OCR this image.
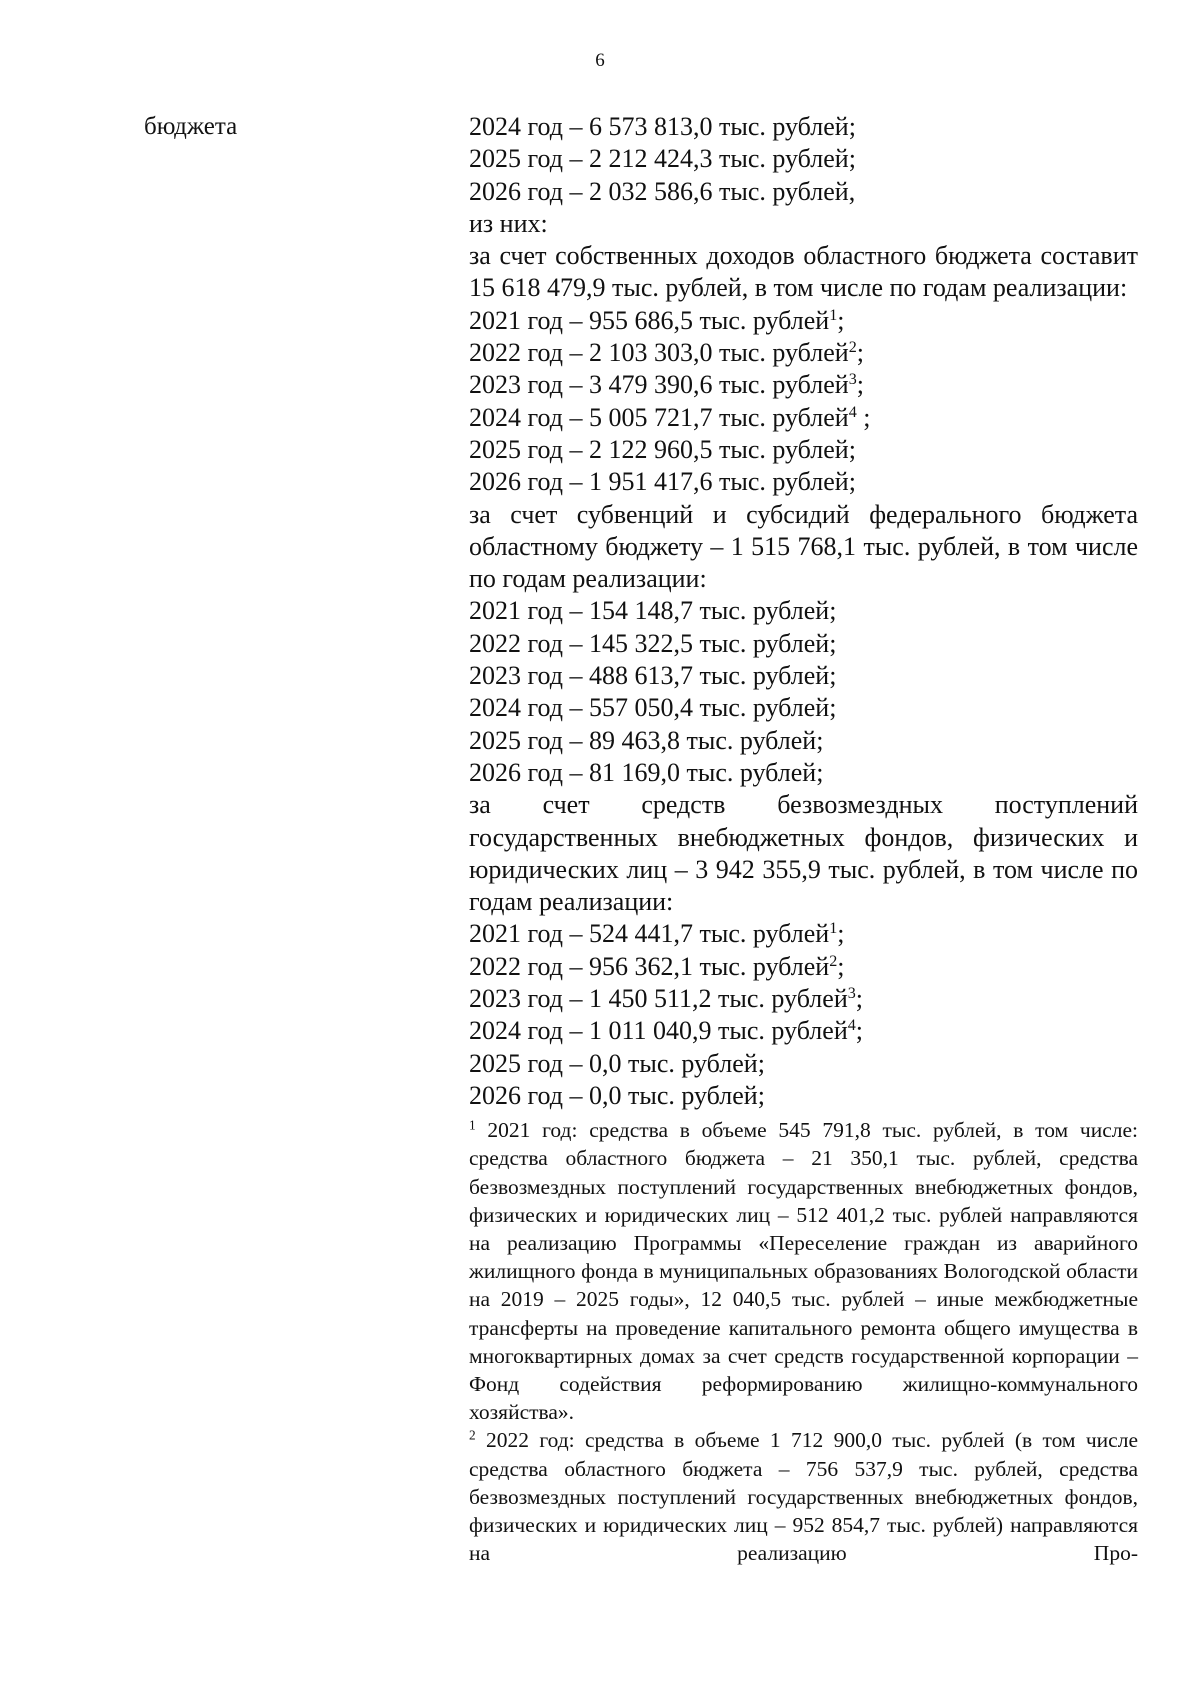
6
бюджета	2024 год – 6 573 813,0 тыс. рублей;
2025 год – 2 212 424,3 тыс. рублей;
2026 год – 2 032 586,6 тыс. рублей,
из них:
за счет собственных доходов областного бюджета составит 15 618 479,9 тыс. рублей, в том числе по годам реализации:
2021 год – 955 686,5 тыс. рублей$^1$;
2022 год – 2 103 303,0 тыс. рублей$^2$;
2023 год – 3 479 390,6 тыс. рублей$^3$;
2024 год – 5 005 721,7 тыс. рублей$^4$ ;
2025 год – 2 122 960,5 тыс. рублей;
2026 год – 1 951 417,6 тыс. рублей;
за счет субвенций и субсидий федерального бюджета областному бюджету – 1 515 768,1 тыс. рублей, в том числе по годам реализации:
2021 год – 154 148,7 тыс. рублей;
2022 год – 145 322,5 тыс. рублей;
2023 год – 488 613,7 тыс. рублей;
2024 год – 557 050,4 тыс. рублей;
2025 год – 89 463,8 тыс. рублей;
2026 год – 81 169,0 тыс. рублей;
за счет средств безвозмездных поступлений государственных внебюджетных фондов, физических и юридических лиц – 3 942 355,9 тыс. рублей, в том числе по годам реализации:
2021 год – 524 441,7 тыс. рублей$^1$;
2022 год – 956 362,1 тыс. рублей$^2$;
2023 год – 1 450 511,2 тыс. рублей$^3$;
2024 год – 1 011 040,9 тыс. рублей$^4$;
2025 год – 0,0 тыс. рублей;
2026 год – 0,0 тыс. рублей;
$^1$ 2021 год: средства в объеме 545 791,8 тыс. рублей, в том числе: средства областного бюджета – 21 350,1 тыс. рублей, средства безвозмездных поступлений государственных внебюджетных фондов, физических и юридических лиц – 512 401,2 тыс. рублей направляются на реализацию Программы «Переселение граждан из аварийного жилищного фонда в муниципальных образованиях Вологодской области на 2019 – 2025 годы», 12 040,5 тыс. рублей – иные межбюджетные трансферты на проведение капитального ремонта общего имущества в многоквартирных домах за счет средств государственной корпорации – Фонд содействия реформированию жилищно-коммунального хозяйства».
$^2$ 2022 год: средства в объеме 1 712 900,0 тыс. рублей (в том числе средства областного бюджета – 756 537,9 тыс. рублей, средства безвозмездных поступлений государственных внебюджетных фондов, физических и юридических лиц – 952 854,7 тыс. рублей) направляются на реализацию Про-
